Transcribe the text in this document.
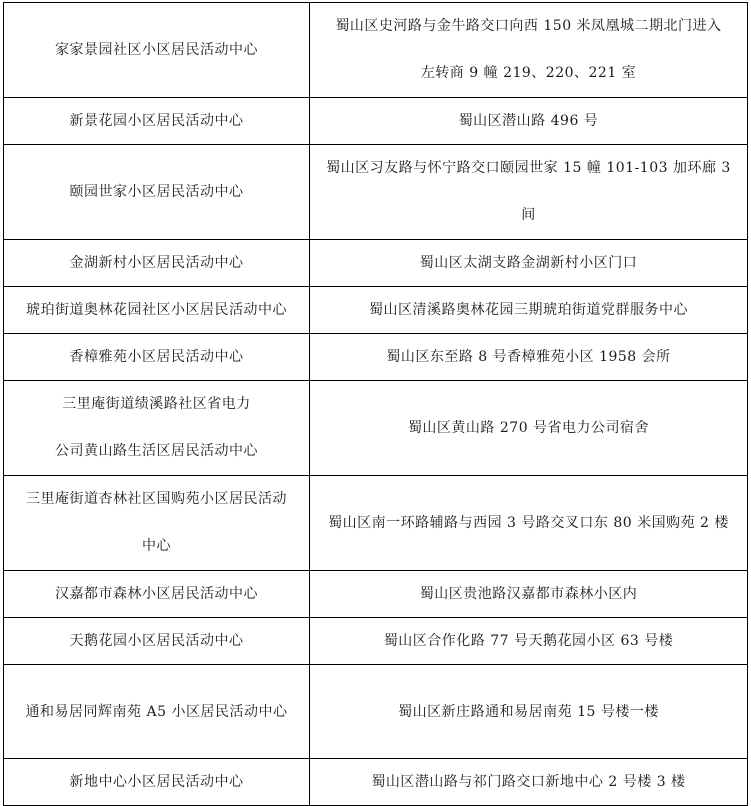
家家景园社区小区居民活动中心	蜀山区史河路与金牛路交口向西 150 米凤凰城二期北门进入
左转商 9 幢 219、220、221 室

新景花园小区居民活动中心	蜀山区潜山路 496 号

颐园世家小区居民活动中心	蜀山区习友路与怀宁路交口颐园世家 15 幢 101-103 加环廊 3
间

金湖新村小区居民活动中心	蜀山区太湖支路金湖新村小区门口

琥珀街道奥林花园社区小区居民活动中心	蜀山区清溪路奥林花园三期琥珀街道党群服务中心

香樟雅苑小区居民活动中心	蜀山区东至路 8 号香樟雅苑小区 1958 会所

三里庵街道绩溪路社区省电力
公司黄山路生活区居民活动中心	蜀山区黄山路 270 号省电力公司宿舍

三里庵街道杏林社区国购苑小区居民活动
中心	蜀山区南一环路辅路与西园 3 号路交叉口东 80 米国购苑 2 楼

汉嘉都市森林小区居民活动中心	蜀山区贵池路汉嘉都市森林小区内

天鹅花园小区居民活动中心	蜀山区合作化路 77 号天鹅花园小区 63 号楼

通和易居同辉南苑 A5 小区居民活动中心	蜀山区新庄路通和易居南苑 15 号楼一楼

新地中心小区居民活动中心	蜀山区潜山路与祁门路交口新地中心 2 号楼 3 楼
